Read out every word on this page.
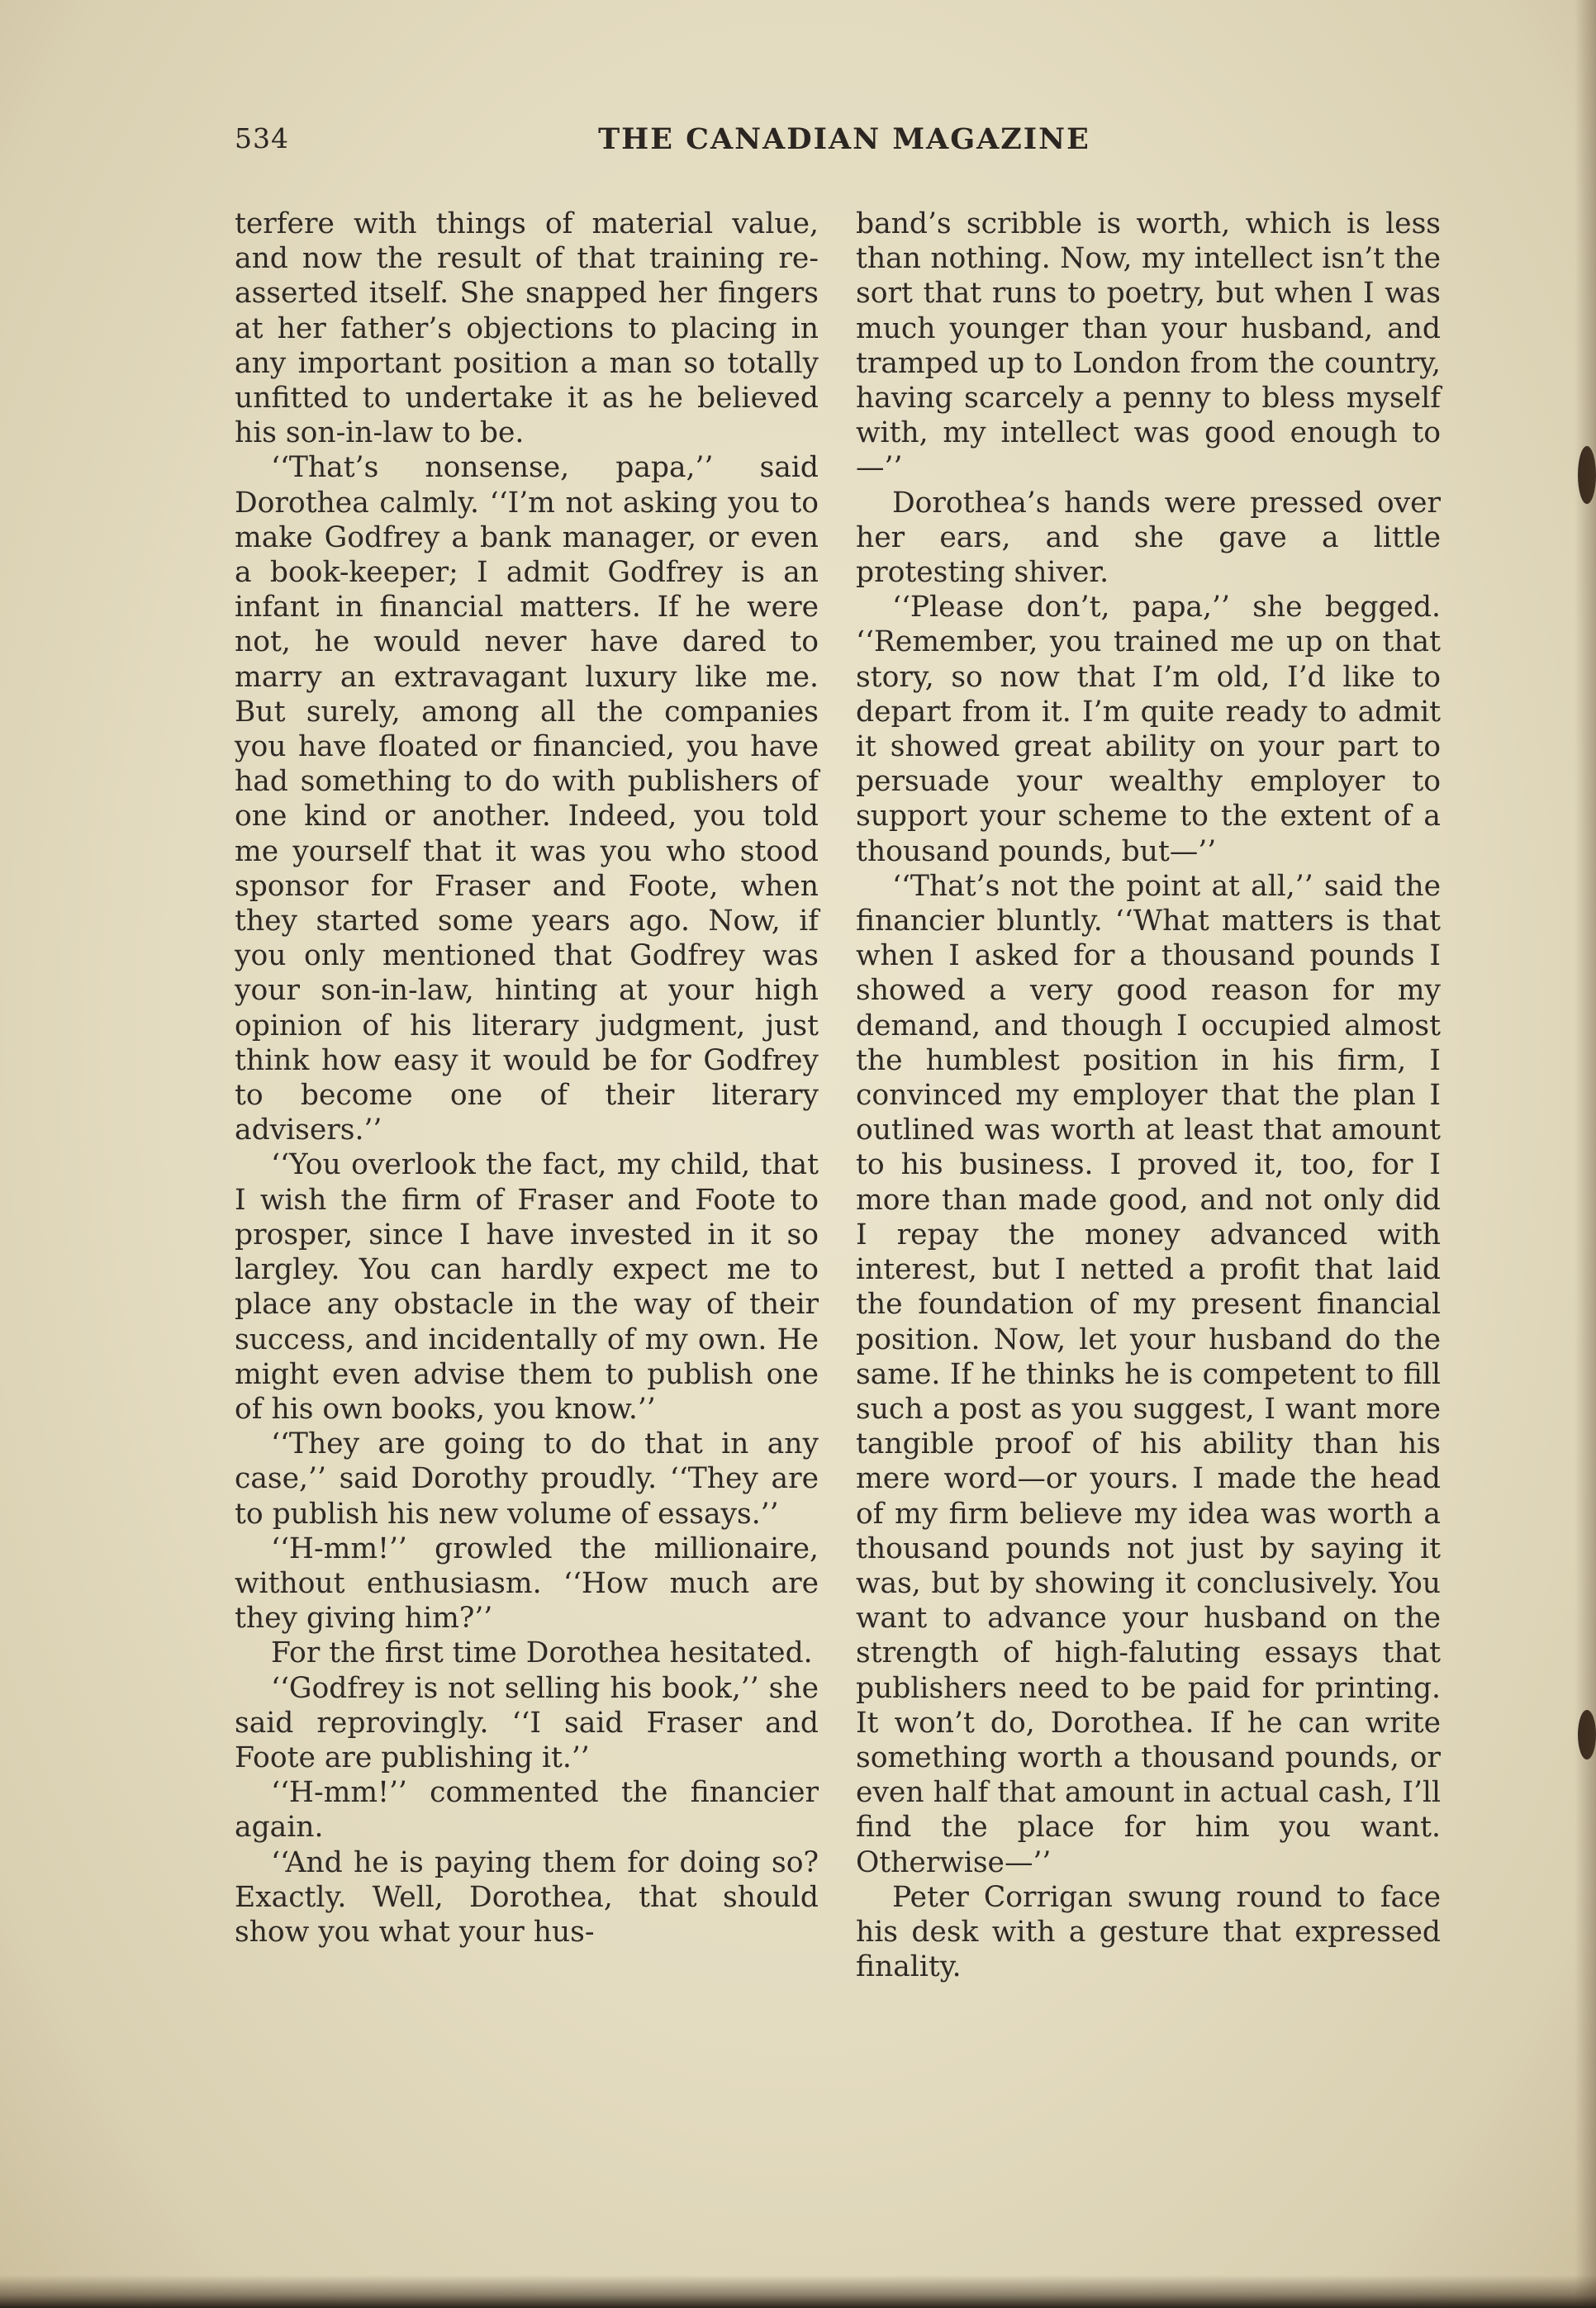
534	THE CANADIAN MAGAZINE

terfere with things of material value, and now the result of that training re-asserted itself. She snapped her fingers at her father’s objections to placing in any important position a man so totally unfitted to undertake it as he believed his son-in-law to be.

‘‘That’s nonsense, papa,’’ said Dorothea calmly. ‘‘I’m not asking you to make Godfrey a bank manager, or even a book-keeper; I admit Godfrey is an infant in financial matters. If he were not, he would never have dared to marry an extravagant luxury like me. But surely, among all the companies you have floated or financied, you have had something to do with publishers of one kind or another. Indeed, you told me yourself that it was you who stood sponsor for Fraser and Foote, when they started some years ago. Now, if you only mentioned that Godfrey was your son-in-law, hinting at your high opinion of his literary judgment, just think how easy it would be for Godfrey to become one of their literary advisers.’’

‘‘You overlook the fact, my child, that I wish the firm of Fraser and Foote to prosper, since I have invested in it so largley. You can hardly expect me to place any obstacle in the way of their success, and incidentally of my own. He might even advise them to publish one of his own books, you know.’’

‘‘They are going to do that in any case,’’ said Dorothy proudly. ‘‘They are to publish his new volume of essays.’’

‘‘H-mm!’’ growled the millionaire, without enthusiasm. ‘‘How much are they giving him?’’

For the first time Dorothea hesitated.

‘‘Godfrey is not selling his book,’’ she said reprovingly. ‘‘I said Fraser and Foote are publishing it.’’

‘‘H-mm!’’ commented the financier again.

‘‘And he is paying them for doing so? Exactly. Well, Dorothea, that should show you what your hus-

band’s scribble is worth, which is less than nothing. Now, my intellect isn’t the sort that runs to poetry, but when I was much younger than your husband, and tramped up to London from the country, having scarcely a penny to bless myself with, my intellect was good enough to—’’

Dorothea’s hands were pressed over her ears, and she gave a little protesting shiver.

‘‘Please don’t, papa,’’ she begged. ‘‘Remember, you trained me up on that story, so now that I’m old, I’d like to depart from it. I’m quite ready to admit it showed great ability on your part to persuade your wealthy employer to support your scheme to the extent of a thousand pounds, but—’’

‘‘That’s not the point at all,’’ said the financier bluntly. ‘‘What matters is that when I asked for a thousand pounds I showed a very good reason for my demand, and though I occupied almost the humblest position in his firm, I convinced my employer that the plan I outlined was worth at least that amount to his business. I proved it, too, for I more than made good, and not only did I repay the money advanced with interest, but I netted a profit that laid the foundation of my present financial position. Now, let your husband do the same. If he thinks he is competent to fill such a post as you suggest, I want more tangible proof of his ability than his mere word—or yours. I made the head of my firm believe my idea was worth a thousand pounds not just by saying it was, but by showing it conclusively. You want to advance your husband on the strength of high-faluting essays that publishers need to be paid for printing. It won’t do, Dorothea. If he can write something worth a thousand pounds, or even half that amount in actual cash, I’ll find the place for him you want. Otherwise—’’

Peter Corrigan swung round to face his desk with a gesture that expressed finality.
